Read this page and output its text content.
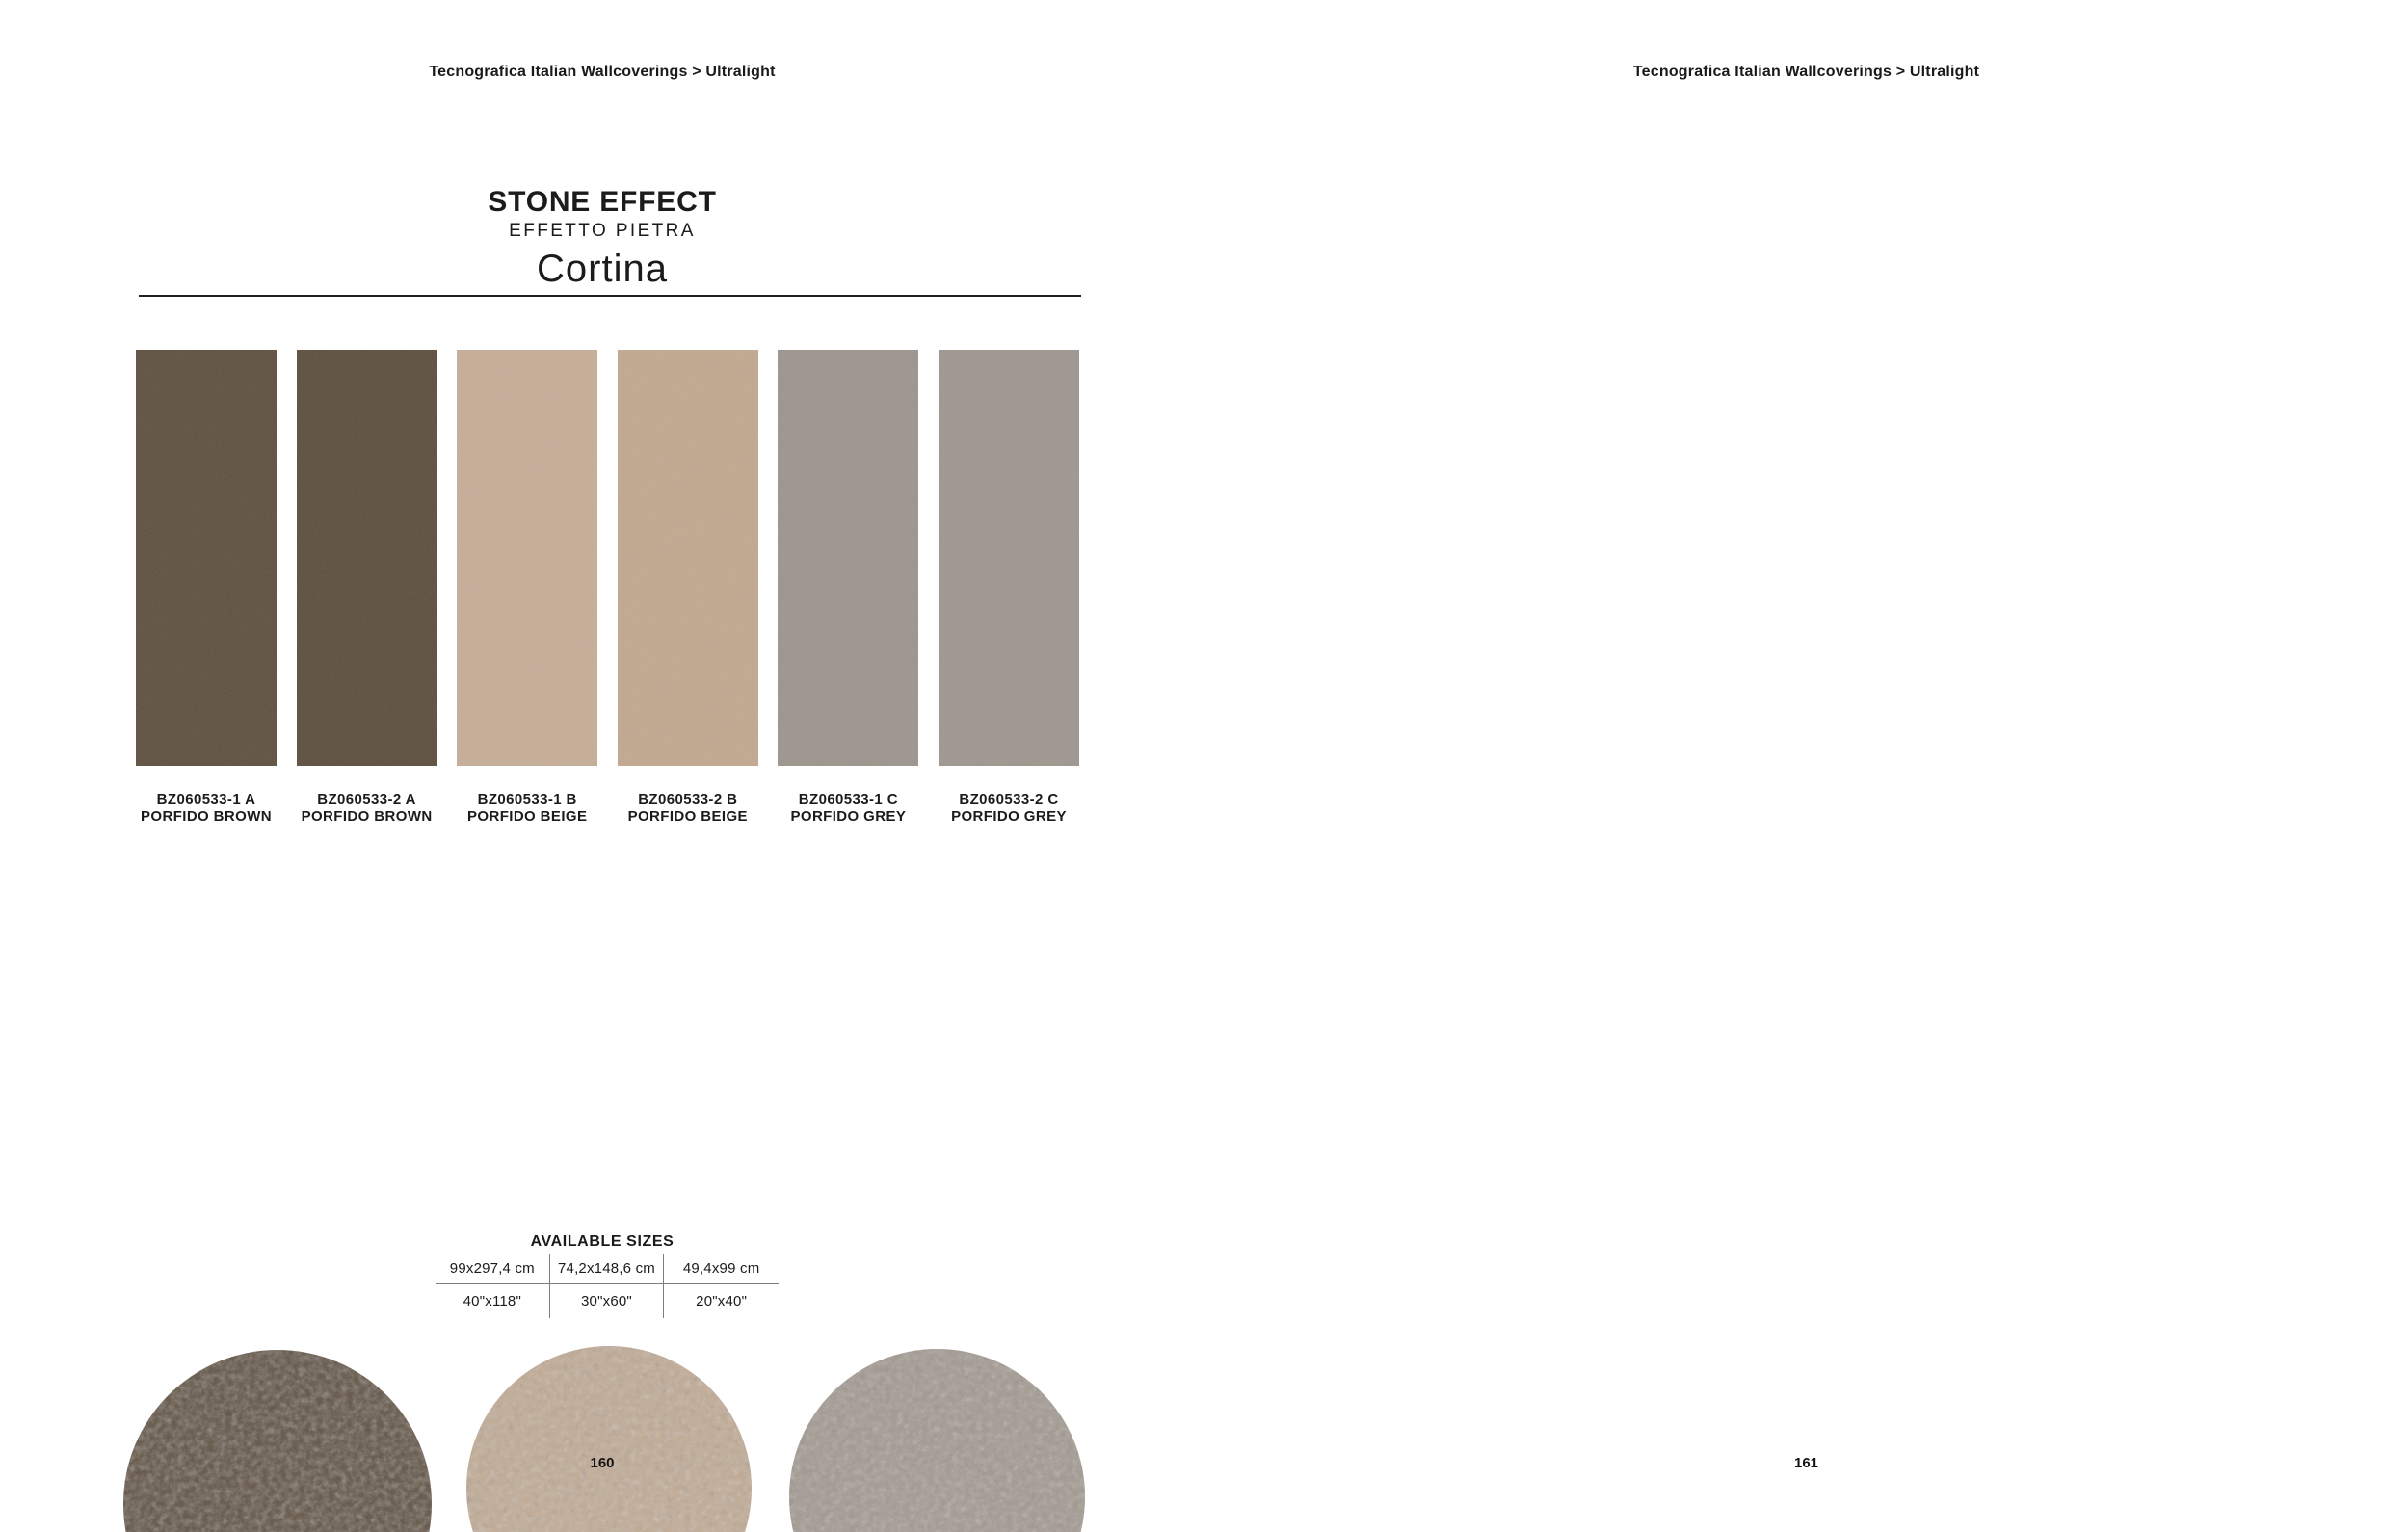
Tecnografica Italian Wallcoverings > Ultralight
STONE EFFECT
EFFETTO PIETRA
Cortina
BZ060533-1 A
PORFIDO BROWN
BZ060533-2 A
PORFIDO BROWN
BZ060533-1 B
PORFIDO BEIGE
BZ060533-2 B
PORFIDO BEIGE
BZ060533-1 C
PORFIDO GREY
BZ060533-2 C
PORFIDO GREY
AVAILABLE SIZES
99x297,4 cm	74,2x148,6 cm	49,4x99 cm
40"x118"	30"x60"	20"x40"
160
Tecnografica Italian Wallcoverings > Ultralight
161
